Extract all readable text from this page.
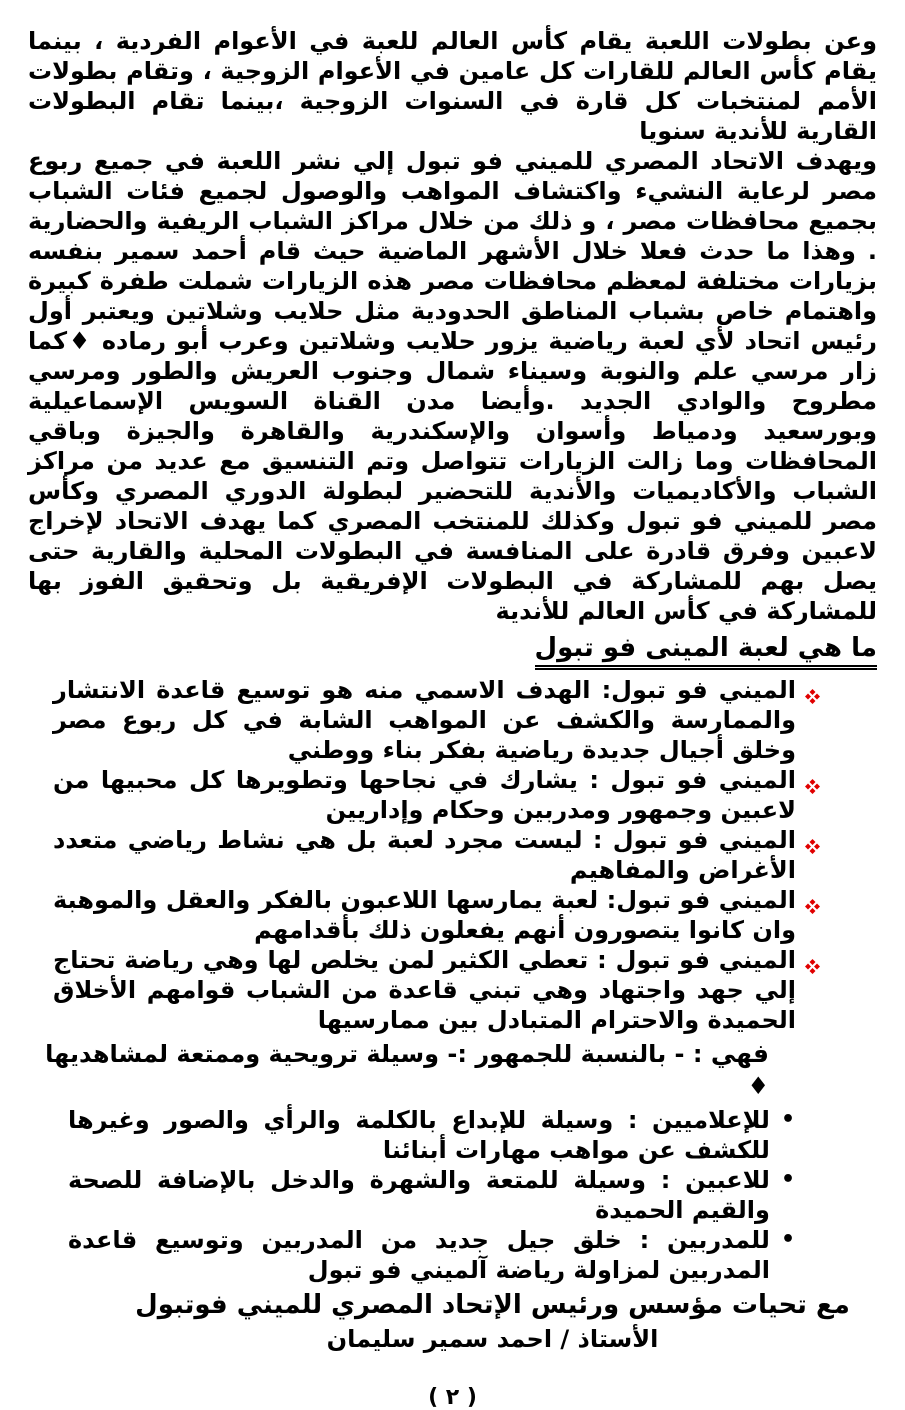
وعن بطولات اللعبة يقام كأس العالم للعبة في الأعوام الفردية ، بينما يقام كأس العالم للقارات كل عامين في الأعوام الزوجية ، وتقام بطولات الأمم لمنتخبات كل قارة في السنوات الزوجية ،بينما تقام البطولات القارية للأندية سنويا

ويهدف الاتحاد المصري للميني فو تبول إلي نشر اللعبة في جميع ربوع مصر لرعاية النشيء واكتشاف المواهب والوصول لجميع فئات الشباب بجميع محافظات مصر ، و ذلك من خلال مراكز الشباب الريفية والحضارية . وهذا ما حدث فعلا خلال الأشهر الماضية حيث قام أحمد سمير بنفسه بزيارات مختلفة لمعظم محافظات مصر هذه الزيارات شملت طفرة كبيرة واهتمام خاص بشباب المناطق الحدودية مثل حلايب وشلاتين ويعتبر أول رئيس اتحاد لأي لعبة رياضية يزور حلايب وشلاتين وعرب أبو رماده ♦كما زار مرسي علم والنوبة وسيناء شمال وجنوب العريش والطور ومرسي مطروح والوادي الجديد .وأيضا مدن القناة السويس الإسماعيلية وبورسعيد ودمياط وأسوان والإسكندرية والقاهرة والجيزة وباقي المحافظات وما زالت الزيارات تتواصل وتم التنسيق مع عديد من مراكز الشباب والأكاديميات والأندية للتحضير لبطولة الدوري المصري وكأس مصر للميني فو تبول وكذلك للمنتخب المصري كما يهدف الاتحاد لإخراج لاعبين وفرق قادرة على المنافسة في البطولات المحلية والقارية حتى يصل بهم للمشاركة في البطولات الإفريقية بل وتحقيق الفوز بها للمشاركة في كأس العالم للأندية

ما هي لعبة المينى فو تبول
الميني فو تبول: الهدف الاسمي منه هو توسيع قاعدة الانتشار والممارسة والكشف عن المواهب الشابة في كل ربوع مصر وخلق أجيال جديدة رياضية بفكر بناء ووطني
الميني فو تبول : يشارك في نجاحها وتطويرها كل محبيها من لاعبين وجمهور ومدربين وحكام وإداريين
الميني فو تبول : ليست مجرد لعبة بل هي نشاط رياضي متعدد الأغراض والمفاهيم
الميني فو تبول: لعبة يمارسها اللاعبون بالفكر والعقل والموهبة وان كانوا يتصورون أنهم يفعلون ذلك بأقدامهم
الميني فو تبول : تعطي الكثير لمن يخلص لها وهي رياضة تحتاج إلي جهد واجتهاد وهي تبني قاعدة من الشباب قوامهم الأخلاق الحميدة والاحترام المتبادل بين ممارسيها

فهي : - بالنسبة للجمهور :- وسيلة ترويحية وممتعة لمشاهديها ♦

•
للإعلاميين : وسيلة للإبداع بالكلمة والرأي والصور وغيرها للكشف عن مواهب مهارات أبنائنا
•
للاعبين : وسيلة للمتعة والشهرة والدخل بالإضافة للصحة والقيم الحميدة
•
للمدربين : خلق جيل جديد من المدربين وتوسيع قاعدة المدربين لمزاولة رياضة آلميني فو تبول

مع تحيات مؤسس ورئيس الإتحاد المصري للميني فوتبول

الأستاذ / احمد سمير سليمان

( ٢ )
